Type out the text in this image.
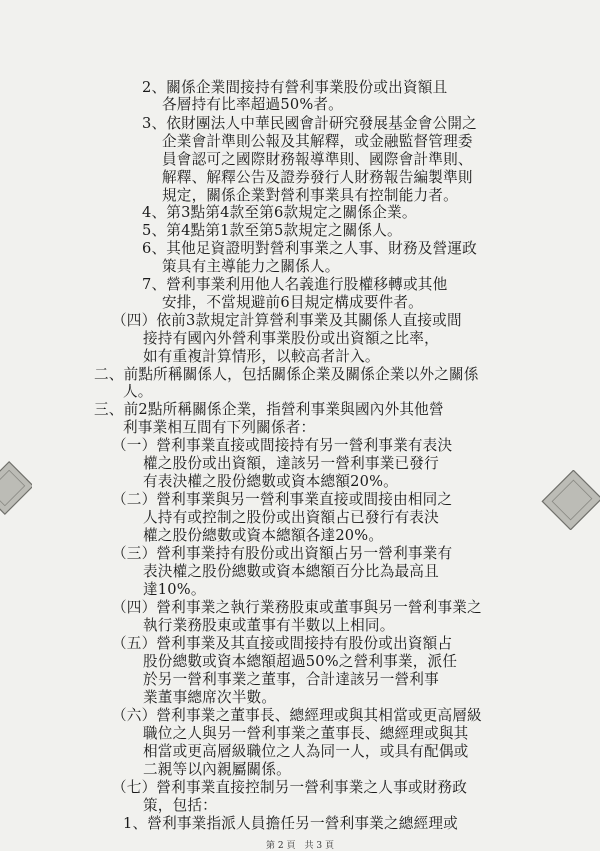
2、關係企業間接持有營利事業股份或出資額且
各層持有比率超過50%者。
3、依財團法人中華民國會計研究發展基金會公開之
企業會計準則公報及其解釋，或金融監督管理委
員會認可之國際財務報導準則、國際會計準則、
解釋、解釋公告及證券發行人財務報告編製準則
規定，關係企業對營利事業具有控制能力者。
4、第3點第4款至第6款規定之關係企業。
5、第4點第1款至第5款規定之關係人。
6、其他足資證明對營利事業之人事、財務及營運政
策具有主導能力之關係人。
7、營利事業利用他人名義進行股權移轉或其他
安排，不當規避前6目規定構成要件者。
（四）依前3款規定計算營利事業及其關係人直接或間
接持有國內外營利事業股份或出資額之比率，
如有重複計算情形，以較高者計入。
二、前點所稱關係人，包括關係企業及關係企業以外之關係
人。
三、前2點所稱關係企業，指營利事業與國內外其他營
利事業相互間有下列關係者：
（一）營利事業直接或間接持有另一營利事業有表決
權之股份或出資額，達該另一營利事業已發行
有表決權之股份總數或資本總額20%。
（二）營利事業與另一營利事業直接或間接由相同之
人持有或控制之股份或出資額占已發行有表決
權之股份總數或資本總額各達20%。
（三）營利事業持有股份或出資額占另一營利事業有
表決權之股份總數或資本總額百分比為最高且
達10%。
（四）營利事業之執行業務股東或董事與另一營利事業之
執行業務股東或董事有半數以上相同。
（五）營利事業及其直接或間接持有股份或出資額占
股份總數或資本總額超過50%之營利事業，派任
於另一營利事業之董事，合計達該另一營利事
業董事總席次半數。
（六）營利事業之董事長、總經理或與其相當或更高層級
職位之人與另一營利事業之董事長、總經理或與其
相當或更高層級職位之人為同一人，或具有配偶或
二親等以內親屬關係。
（七）營利事業直接控制另一營利事業之人事或財務政
策，包括：
1、營利事業指派人員擔任另一營利事業之總經理或
第 2 頁　共 3 頁
